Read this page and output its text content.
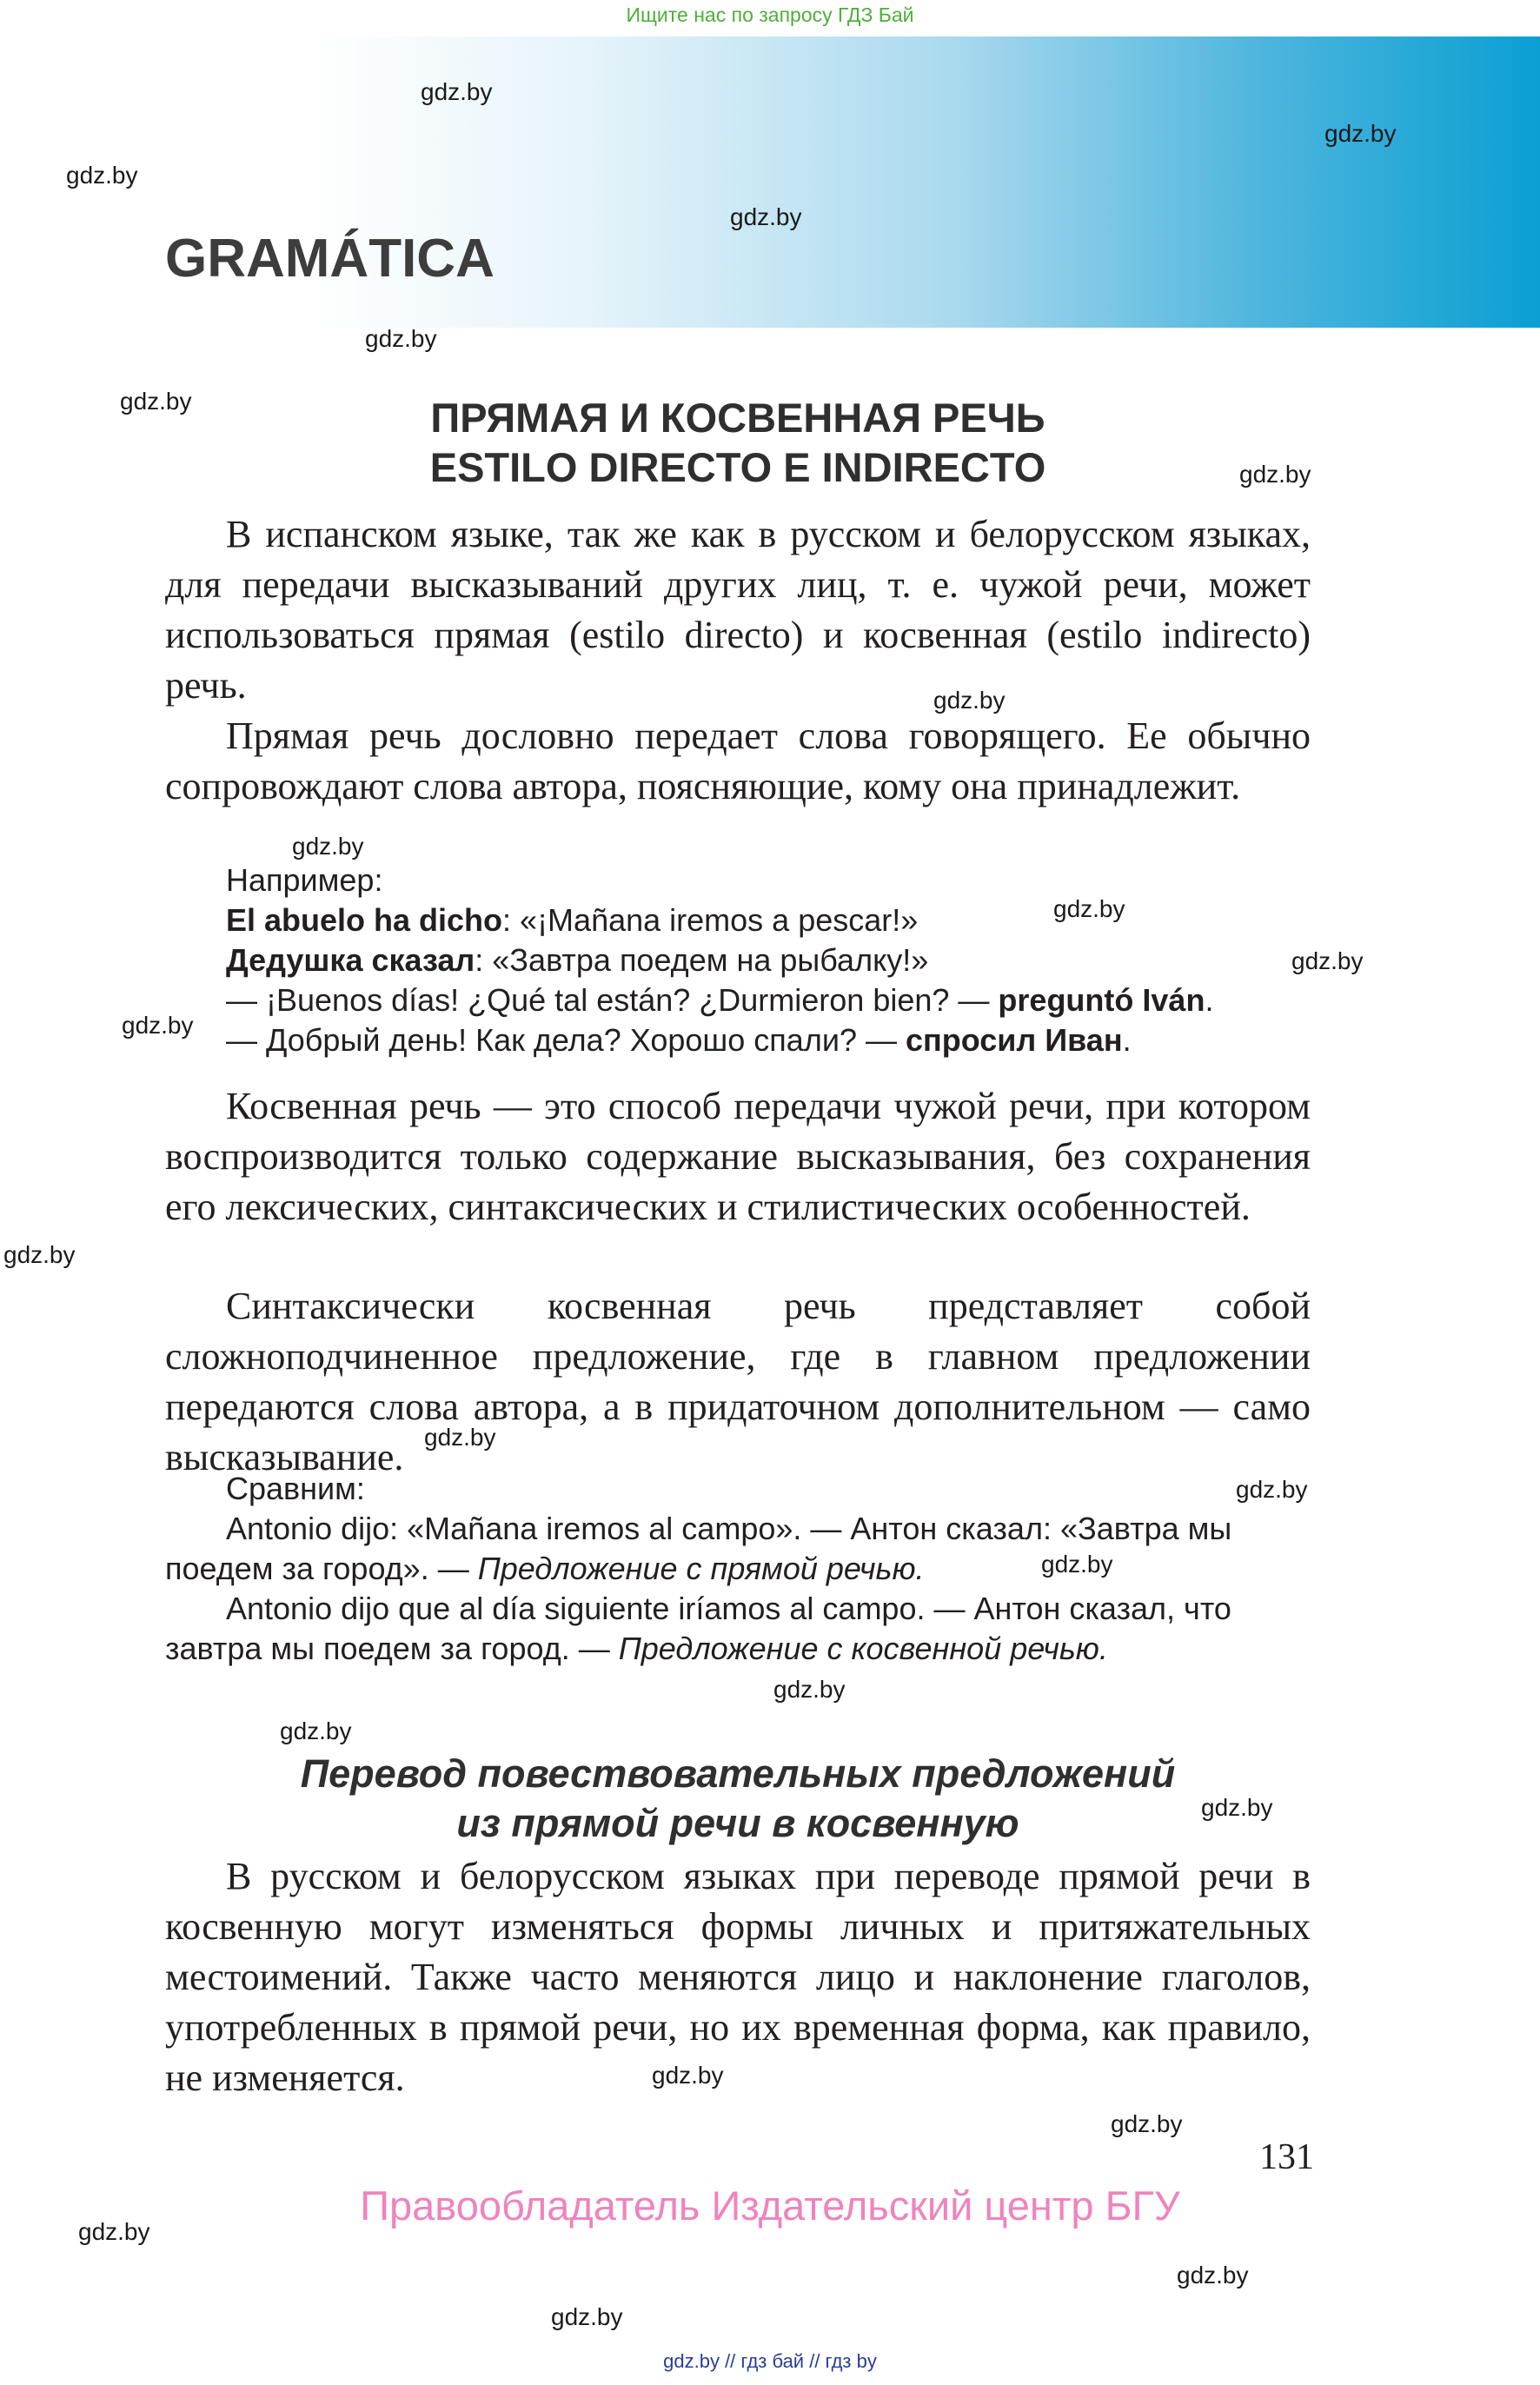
Ищите нас по запросу ГДЗ Бай
GRAMÁTICA
ПРЯМАЯ И КОСВЕННАЯ РЕЧЬ
ESTILO DIRECTO E INDIRECTO

В испанском языке, так же как в русском и белорусском языках, для передачи высказываний других лиц, т. е. чужой речи, может использоваться прямая (estilo directo) и косвенная (estilo indirecto) речь.

Прямая речь дословно передает слова говорящего. Ее обычно сопровождают слова автора, поясняющие, кому она принадлежит.

Например:
El abuelo ha dicho: «¡Mañana iremos a pescar!»
Дедушка сказал: «Завтра поедем на рыбалку!»
— ¡Buenos días! ¿Qué tal están? ¿Durmieron bien? — preguntó Iván.
— Добрый день! Как дела? Хорошо спали? — спросил Иван.

Косвенная речь — это способ передачи чужой речи, при котором воспроизводится только содержание высказывания, без сохранения его лексических, синтаксических и стилистических особенностей.

Синтаксически косвенная речь представляет собой сложноподчиненное предложение, где в главном предложении передаются слова автора, а в придаточном дополнительном — само высказывание.

Сравним:
Antonio dijo: «Mañana iremos al campo». — Антон сказал: «Завтра мы
поедем за город». — Предложение с прямой речью.
Antonio dijo que al día siguiente iríamos al campo. — Антон сказал, что
завтра мы поедем за город. — Предложение с косвенной речью.
Перевод повествовательных предложений
из прямой речи в косвенную

В русском и белорусском языках при переводе прямой речи в косвенную могут изменяться формы личных и притяжательных местоимений. Также часто меняются лицо и наклонение глаголов, употребленных в прямой речи, но их временная форма, как правило, не изменяется.

131
Правообладатель Издательский центр БГУ
gdz.by // гдз бай // гдз by
gdz.by
gdz.by
gdz.by
gdz.by
gdz.by
gdz.by
gdz.by
gdz.by
gdz.by
gdz.by
gdz.by
gdz.by
gdz.by
gdz.by
gdz.by
gdz.by
gdz.by
gdz.by
gdz.by
gdz.by
gdz.by
gdz.by
gdz.by
gdz.by
